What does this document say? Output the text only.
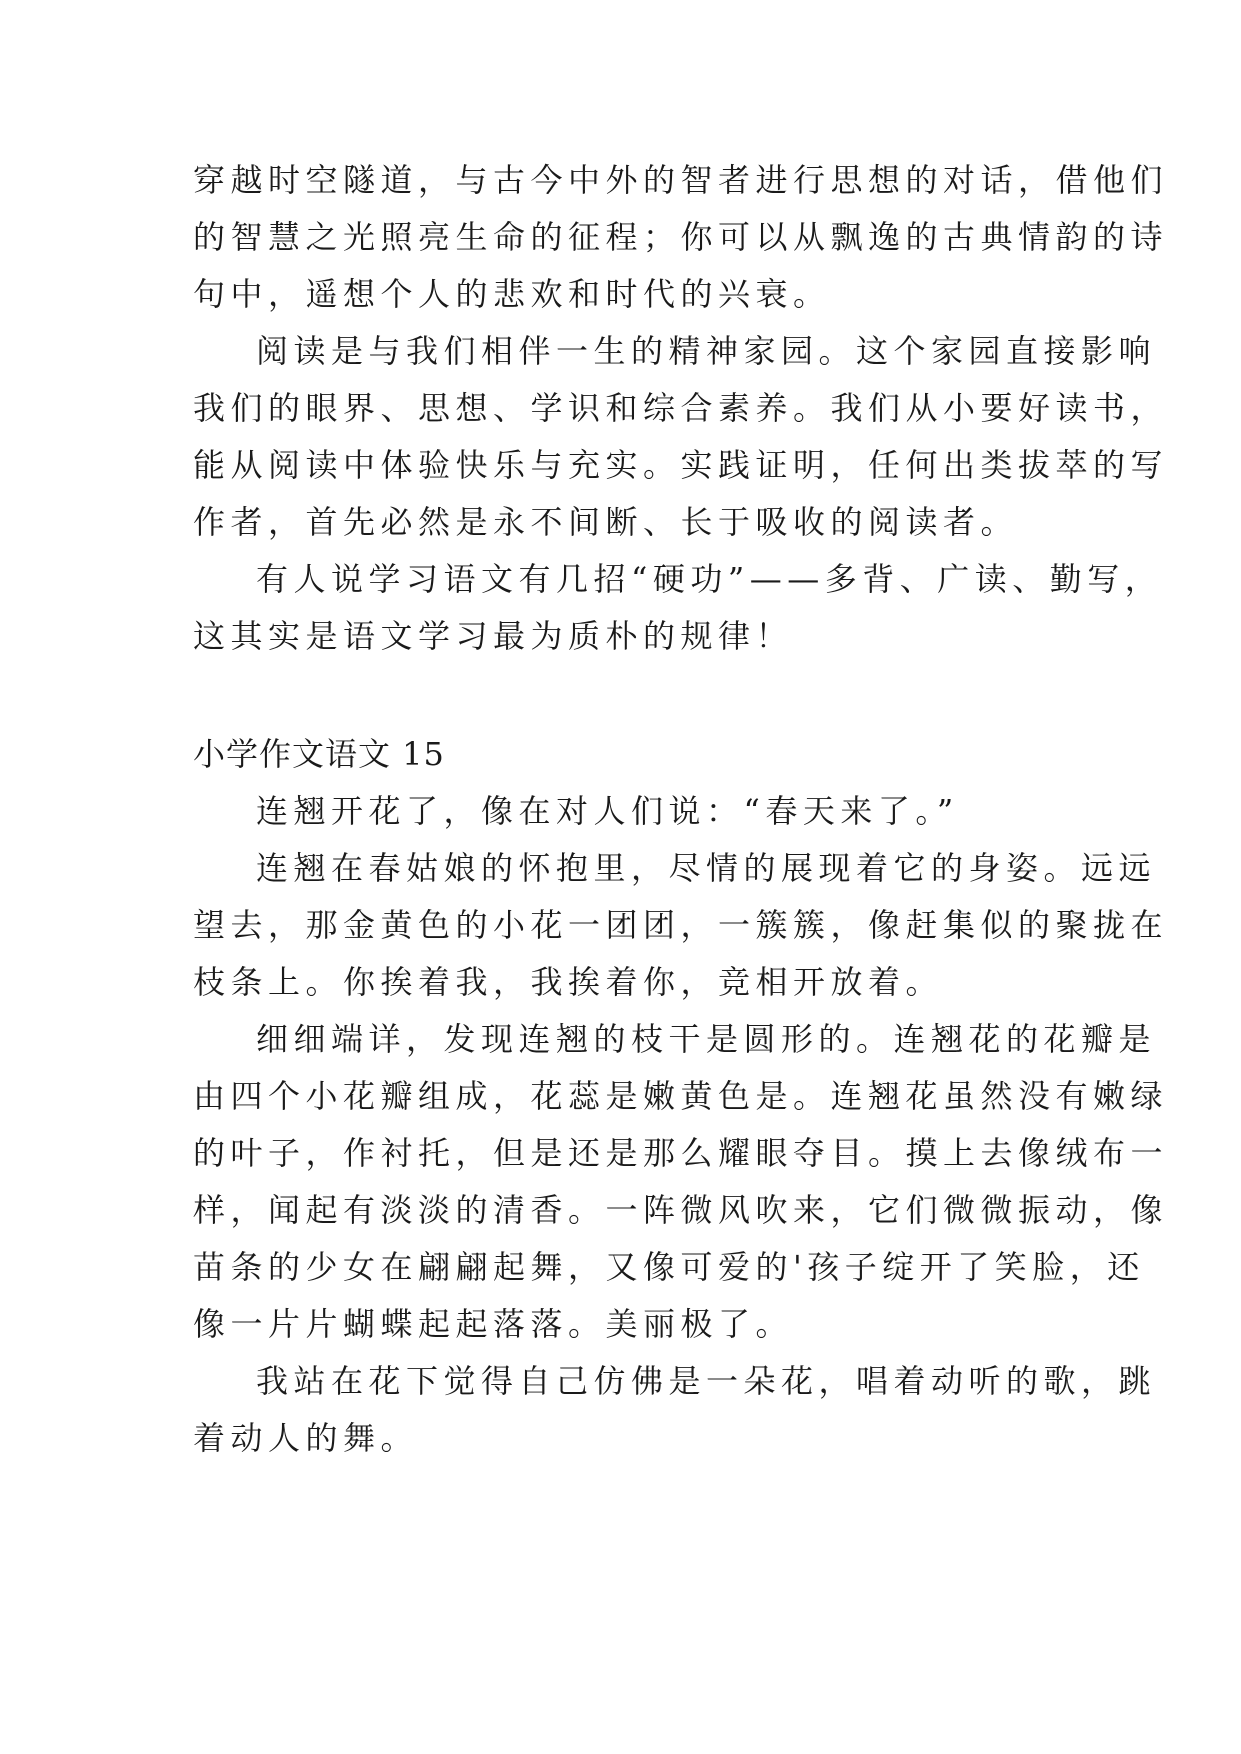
穿越时空隧道，与古今中外的智者进行思想的对话，借他们
的智慧之光照亮生命的征程；你可以从飘逸的古典情韵的诗
句中，遥想个人的悲欢和时代的兴衰。
阅读是与我们相伴一生的精神家园。这个家园直接影响
我们的眼界、思想、学识和综合素养。我们从小要好读书，
能从阅读中体验快乐与充实。实践证明，任何出类拔萃的写
作者，首先必然是永不间断、长于吸收的阅读者。
有人说学习语文有几招“硬功”——多背、广读、勤写，
这其实是语文学习最为质朴的规律！
小学作文语文 15
连翘开花了，像在对人们说：“春天来了。”
连翘在春姑娘的怀抱里，尽情的展现着它的身姿。远远
望去，那金黄色的小花一团团，一簇簇，像赶集似的聚拢在
枝条上。你挨着我，我挨着你，竞相开放着。
细细端详，发现连翘的枝干是圆形的。连翘花的花瓣是
由四个小花瓣组成，花蕊是嫩黄色是。连翘花虽然没有嫩绿
的叶子，作衬托，但是还是那么耀眼夺目。摸上去像绒布一
样，闻起有淡淡的清香。一阵微风吹来，它们微微振动，像
苗条的少女在翩翩起舞，又像可爱的'孩子绽开了笑脸，还
像一片片蝴蝶起起落落。美丽极了。
我站在花下觉得自己仿佛是一朵花，唱着动听的歌，跳
着动人的舞。
